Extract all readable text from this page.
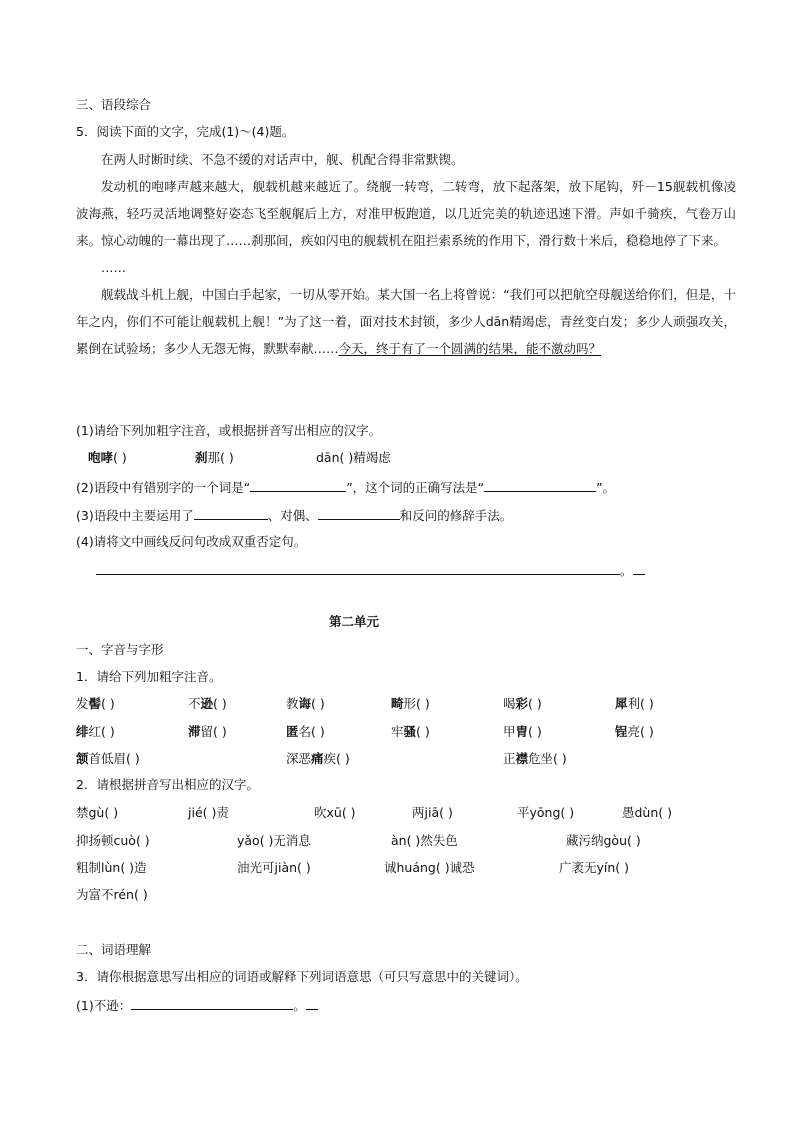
三、语段综合
5．阅读下面的文字，完成(1)～(4)题。

在两人时断时续、不急不缓的对话声中，舰、机配合得非常默锲。

发动机的咆哮声越来越大，舰载机越来越近了。绕舰一转弯，二转弯，放下起落架，放下尾钩，歼－15舰载机像凌波海燕，轻巧灵活地调整好姿态飞至舰艉后上方，对准甲板跑道，以几近完美的轨迹迅速下滑。声如千骑疾，气卷万山来。惊心动魄的一幕出现了……刹那间，疾如闪电的舰载机在阻拦索系统的作用下，滑行数十米后，稳稳地停了下来。

……

舰载战斗机上舰，中国白手起家，一切从零开始。某大国一名上将曾说：“我们可以把航空母舰送给你们，但是，十年之内，你们不可能让舰载机上舰！”为了这一着，面对技术封锁，多少人dān精竭虑，青丝变白发；多少人顽强攻关，累倒在试验场；多少人无怨无悔，默默奉献……今天，终于有了一个圆满的结果，能不激动吗？

(1)请给下列加粗字注音，或根据拼音写出相应的汉字。
咆哮( )	刹那( )	dān( )精竭虑
(2)语段中有错别字的一个词是“	”，这个词的正确写法是“	”。
(3)语段中主要运用了	、对偶、	和反问的修辞手法。
(4)请将文中画线反问句改成双重否定句。
。
第二单元
一、字音与字形
1．请给下列加粗字注音。
发髻( )	不逊( )	教诲( )	畸形( )	喝彩( )	犀利( )
绯红( )	滞留( )	匿名( )	牢骚( )	甲胄( )	锃亮( )
颔首低眉( )	深恶痛疾( )	正襟危坐( )
2．请根据拼音写出相应的汉字。
禁gù( )	jié( )责	吹xū( )	两jiā( )	平yōng( )	愚dùn( )
抑扬顿cuò( )	yǎo( )无消息	àn( )然失色	藏污纳gòu( )
粗制lùn( )造	油光可jiàn( )	诚huáng( )诚恐	广袤无yín( )
为富不rén( )
二、词语理解
3．请你根据意思写出相应的词语或解释下列词语意思（可只写意思中的关键词）。
(1)不逊：	。
